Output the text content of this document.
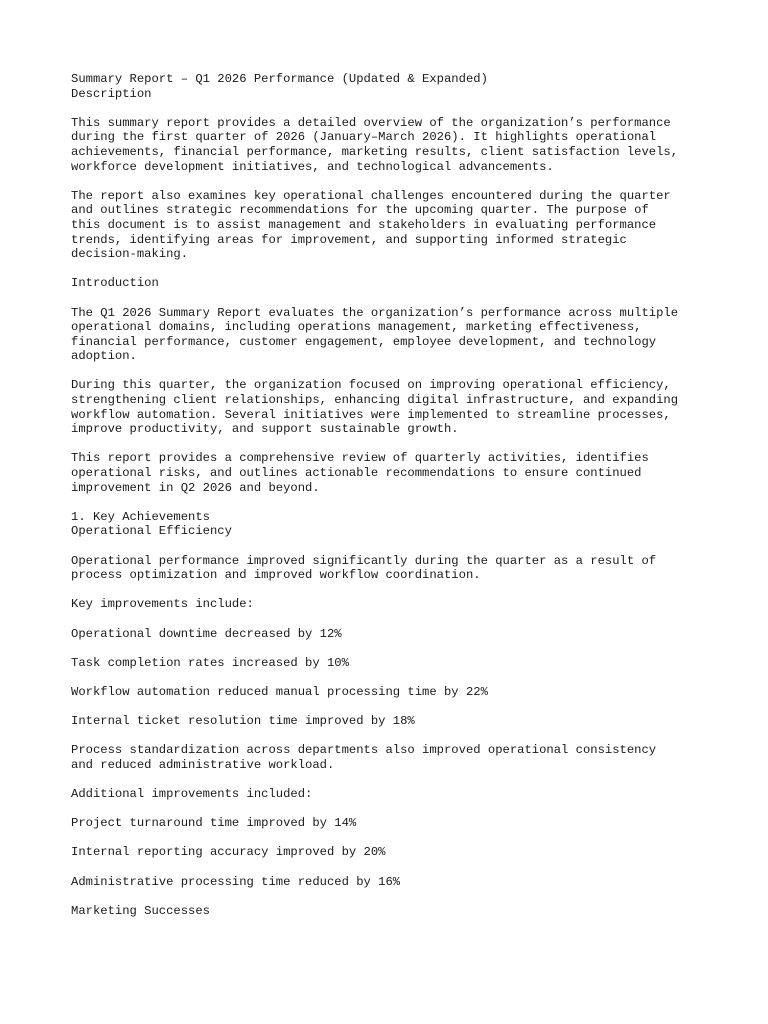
Summary Report – Q1 2026 Performance (Updated & Expanded)
Description
This summary report provides a detailed overview of the organization’s performance
during the first quarter of 2026 (January–March 2026). It highlights operational
achievements, financial performance, marketing results, client satisfaction levels,
workforce development initiatives, and technological advancements.
The report also examines key operational challenges encountered during the quarter
and outlines strategic recommendations for the upcoming quarter. The purpose of
this document is to assist management and stakeholders in evaluating performance
trends, identifying areas for improvement, and supporting informed strategic
decision-making.
Introduction
The Q1 2026 Summary Report evaluates the organization’s performance across multiple
operational domains, including operations management, marketing effectiveness,
financial performance, customer engagement, employee development, and technology
adoption.
During this quarter, the organization focused on improving operational efficiency,
strengthening client relationships, enhancing digital infrastructure, and expanding
workflow automation. Several initiatives were implemented to streamline processes,
improve productivity, and support sustainable growth.
This report provides a comprehensive review of quarterly activities, identifies
operational risks, and outlines actionable recommendations to ensure continued
improvement in Q2 2026 and beyond.
1. Key Achievements
Operational Efficiency
Operational performance improved significantly during the quarter as a result of
process optimization and improved workflow coordination.
Key improvements include:
Operational downtime decreased by 12%
Task completion rates increased by 10%
Workflow automation reduced manual processing time by 22%
Internal ticket resolution time improved by 18%
Process standardization across departments also improved operational consistency
and reduced administrative workload.
Additional improvements included:
Project turnaround time improved by 14%
Internal reporting accuracy improved by 20%
Administrative processing time reduced by 16%
Marketing Successes
